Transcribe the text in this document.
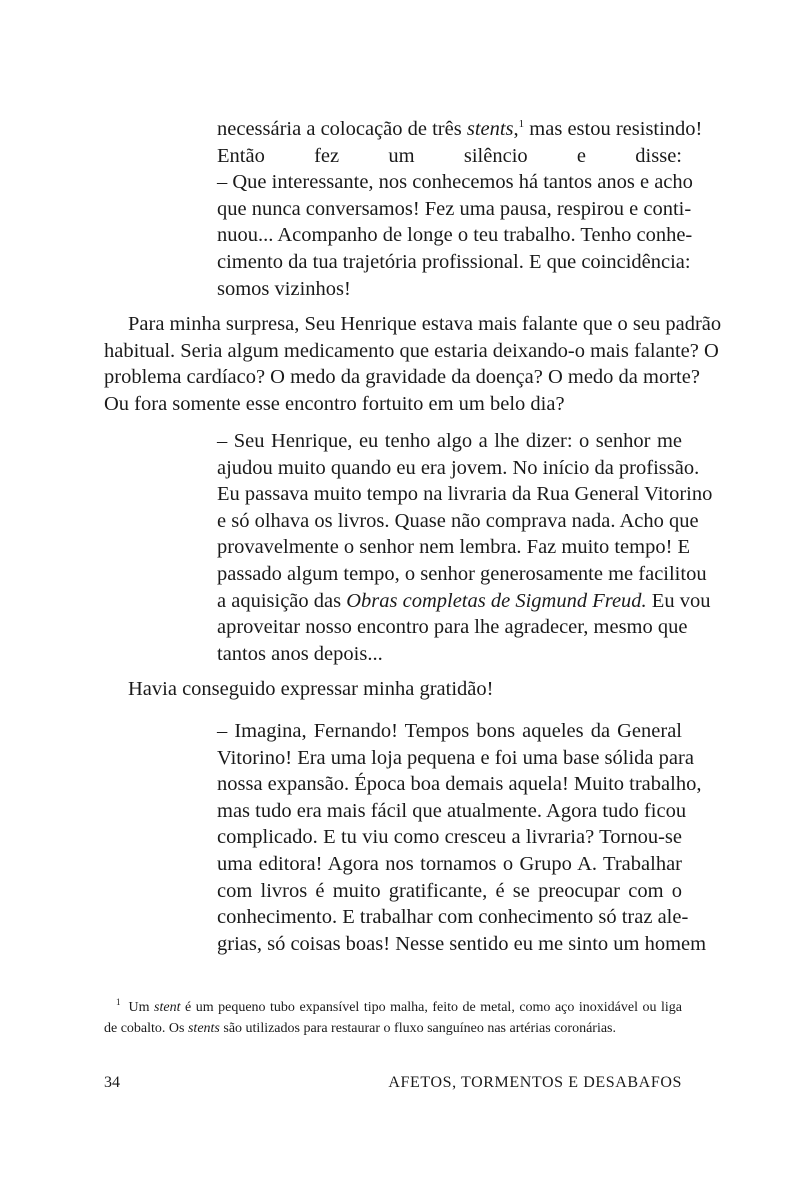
necessária a colocação de três stents,$^1$ mas estou resistindo!
Então fez um silêncio e disse:
– Que interessante, nos conhecemos há tantos anos e acho
que nunca conversamos! Fez uma pausa, respirou e conti-
nuou... Acompanho de longe o teu trabalho. Tenho conhe-
cimento da tua trajetória profissional. E que coincidência:
somos vizinhos!
Para minha surpresa, Seu Henrique estava mais falante que o seu padrão
habitual. Seria algum medicamento que estaria deixando-o mais falante? O
problema cardíaco? O medo da gravidade da doença? O medo da morte?
Ou fora somente esse encontro fortuito em um belo dia?
– Seu Henrique, eu tenho algo a lhe dizer: o senhor me
ajudou muito quando eu era jovem. No início da profissão.
Eu passava muito tempo na livraria da Rua General Vitorino
e só olhava os livros. Quase não comprava nada. Acho que
provavelmente o senhor nem lembra. Faz muito tempo! E
passado algum tempo, o senhor generosamente me facilitou
a aquisição das Obras completas de Sigmund Freud. Eu vou
aproveitar nosso encontro para lhe agradecer, mesmo que
tantos anos depois...
Havia conseguido expressar minha gratidão!
– Imagina, Fernando! Tempos bons aqueles da General
Vitorino! Era uma loja pequena e foi uma base sólida para
nossa expansão. Época boa demais aquela! Muito trabalho,
mas tudo era mais fácil que atualmente. Agora tudo ficou
complicado. E tu viu como cresceu a livraria? Tornou-se
uma editora! Agora nos tornamos o Grupo A. Trabalhar
com livros é muito gratificante, é se preocupar com o
conhecimento. E trabalhar com conhecimento só traz ale-
grias, só coisas boas! Nesse sentido eu me sinto um homem
$^1$ Um stent é um pequeno tubo expansível tipo malha, feito de metal, como aço inoxidável ou liga
de cobalto. Os stents são utilizados para restaurar o fluxo sanguíneo nas artérias coronárias.
34	AFETOS, TORMENTOS E DESABAFOS
